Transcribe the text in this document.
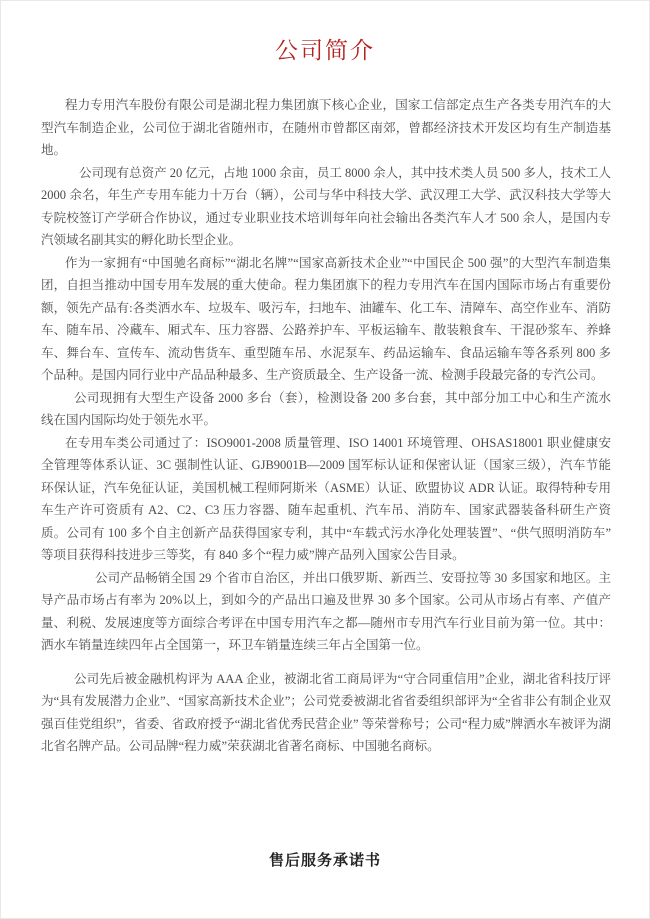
公司简介

程力专用汽车股份有限公司是湖北程力集团旗下核心企业，国家工信部定点生产各类专用汽车的大型汽车制造企业，公司位于湖北省随州市，在随州市曾都区南郊，曾都经济技术开发区均有生产制造基地。

公司现有总资产 20 亿元，占地 1000 余亩，员工 8000 余人，其中技术类人员 500 多人，技术工人 2000 余名，年生产专用车能力十万台（辆），公司与华中科技大学、武汉理工大学、武汉科技大学等大专院校签订产学研合作协议，通过专业职业技术培训每年向社会输出各类汽车人才 500 余人，是国内专汽领域名副其实的孵化助长型企业。

作为一家拥有“中国驰名商标”“湖北名牌”“国家高新技术企业”“中国民企 500 强”的大型汽车制造集团，自担当推动中国专用车发展的重大使命。程力集团旗下的程力专用汽车在国内国际市场占有重要份额，领先产品有:各类洒水车、垃圾车、吸污车，扫地车、油罐车、化工车、清障车、高空作业车、消防车、随车吊、冷藏车、厢式车、压力容器、公路养护车、平板运输车、散装粮食车、干混砂浆车、养蜂车、舞台车、宣传车、流动售货车、重型随车吊、水泥泵车、药品运输车、食品运输车等各系列 800 多个品种。是国内同行业中产品品种最多、生产资质最全、生产设备一流、检测手段最完备的专汽公司。

公司现拥有大型生产设备 2000 多台（套），检测设备 200 多台套，其中部分加工中心和生产流水线在国内国际均处于领先水平。

在专用车类公司通过了：ISO9001-2008 质量管理、ISO 14001 环境管理、OHSAS18001 职业健康安全管理等体系认证、3C 强制性认证、GJB9001B—2009 国军标认证和保密认证（国家三级），汽车节能环保认证，汽车免征认证，美国机械工程师阿斯米（ASME）认证、欧盟协议 ADR 认证。取得特种专用车生产许可资质有 A2、C2、C3 压力容器、随车起重机、汽车吊、消防车、国家武器装备科研生产资质。公司有 100 多个自主创新产品获得国家专利，其中“车载式污水净化处理装置”、“供气照明消防车”等项目获得科技进步三等奖，有 840 多个“程力威”牌产品列入国家公告目录。

公司产品畅销全国 29 个省市自治区，并出口俄罗斯、新西兰、安哥拉等 30 多国家和地区。主导产品市场占有率为 20%以上，到如今的产品出口遍及世界 30 多个国家。公司从市场占有率、产值产量、利税、发展速度等方面综合考评在中国专用汽车之都—随州市专用汽车行业目前为第一位。其中：洒水车销量连续四年占全国第一，环卫车销量连续三年占全国第一位。

公司先后被金融机构评为 AAA 企业，被湖北省工商局评为“守合同重信用”企业，湖北省科技厅评为“具有发展潜力企业”、“国家高新技术企业”；公司党委被湖北省省委组织部评为“全省非公有制企业双强百佳党组织”，省委、省政府授予“湖北省优秀民营企业” 等荣誉称号；公司“程力威”牌洒水车被评为湖北省名牌产品。公司品牌“程力威”荣获湖北省著名商标、中国驰名商标。

售后服务承诺书
